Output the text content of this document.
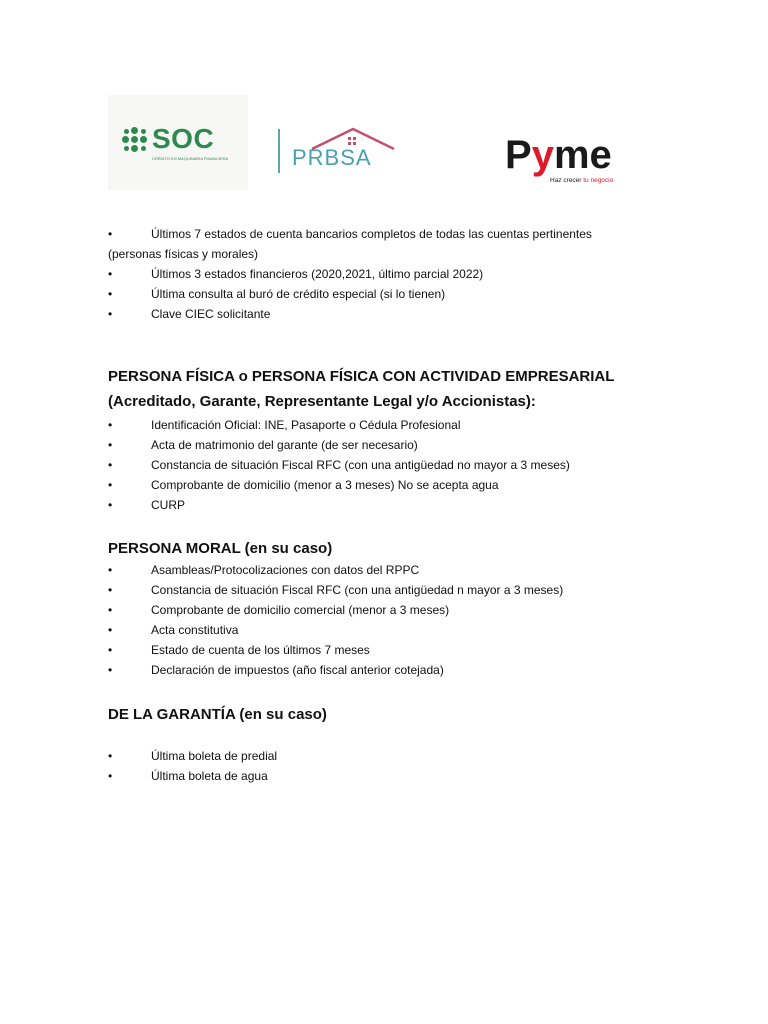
SOC
CRÉDITO EN MAQUINARIA FINANCIERA	PRBSA	Pyme
Haz crecer tu negocio
•	Últimos 7 estados de cuenta bancarios completos de todas las cuentas pertinentes
(personas físicas y morales)
•	Últimos 3 estados financieros (2020,2021, último parcial 2022)
•	Última consulta al buró de crédito especial (si lo tienen)
•	Clave CIEC solicitante
PERSONA FÍSICA o PERSONA FÍSICA CON ACTIVIDAD EMPRESARIAL
(Acreditado, Garante, Representante Legal y/o Accionistas):
•	Identificación Oficial: INE, Pasaporte o Cédula Profesional
•	Acta de matrimonio del garante (de ser necesario)
•	Constancia de situación Fiscal RFC (con una antigüedad no mayor a 3 meses)
•	Comprobante de domicilio (menor a 3 meses) No se acepta agua
•	CURP
PERSONA MORAL (en su caso)
•	Asambleas/Protocolizaciones con datos del RPPC
•	Constancia de situación Fiscal RFC (con una antigüedad n mayor a 3 meses)
•	Comprobante de domicilio comercial (menor a 3 meses)
•	Acta constitutiva
•	Estado de cuenta de los últimos 7 meses
•	Declaración de impuestos (año fiscal anterior cotejada)
DE LA GARANTÍA (en su caso)
•	Última boleta de predial
•	Última boleta de agua
